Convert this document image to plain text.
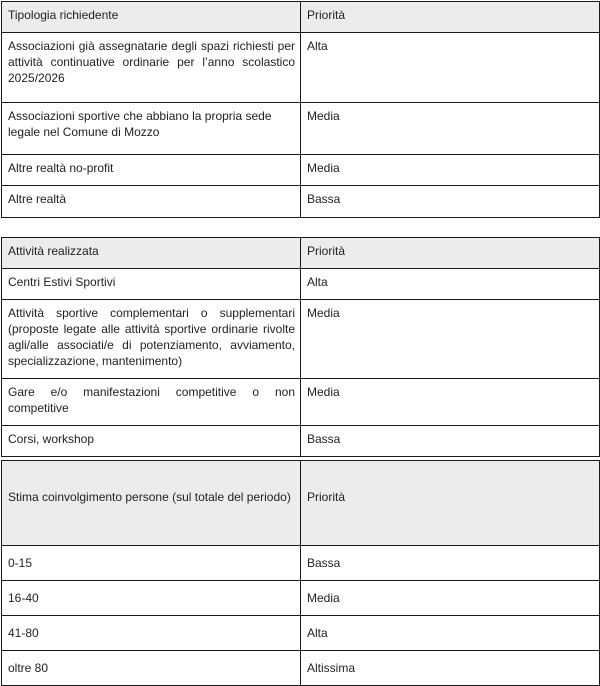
Tipologia richiedente	Priorità
Associazioni già assegnatarie degli spazi richiesti per attività continuative ordinarie per l’anno scolastico 2025/2026	Alta
Associazioni sportive che abbiano la propria sede legale nel Comune di Mozzo	Media
Altre realtà no-profit	Media
Altre realtà	Bassa
Attività realizzata	Priorità
Centri Estivi Sportivi	Alta
Attività sportive complementari o supplementari (proposte legate alle attività sportive ordinarie rivolte agli/alle associati/e di potenziamento, avviamento, specializzazione, mantenimento)	Media
Gare e/o manifestazioni competitive o non competitive	Media
Corsi, workshop	Bassa
Stima coinvolgimento persone (sul totale del periodo)	Priorità
0-15	Bassa
16-40	Media
41-80	Alta
oltre 80	Altissima
